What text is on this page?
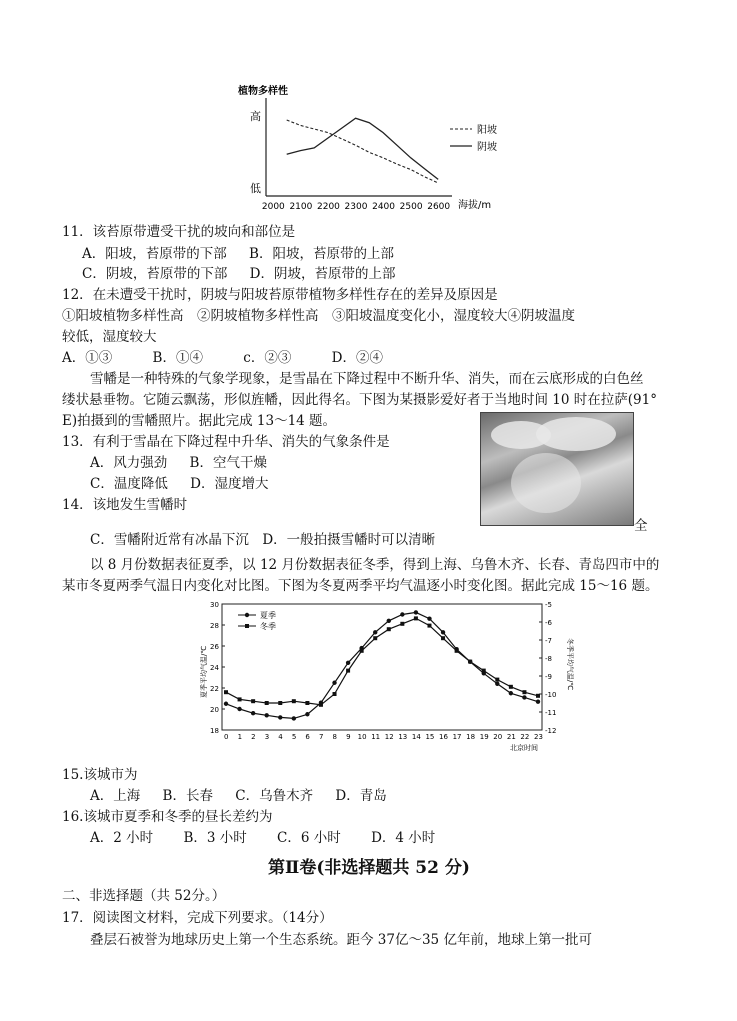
植物多样性
高
低
2000 2100 2200 2300 2400 2500 2600 海拔/m
阳坡
阴坡
11．该苔原带遭受干扰的坡向和部位是
A．阳坡，苔原带的下部 B．阳坡，苔原带的上部
C．阴坡，苔原带的下部 D．阴坡，苔原带的上部
12．在未遭受干扰时，阴坡与阳坡苔原带植物多样性存在的差异及原因是
①阳坡植物多样性高　②阴坡植物多样性高　③阳坡温度变化小，湿度较大④阴坡温度
较低，湿度较大
A．①③	B．①④	c．②③	D．②④
雪幡是一种特殊的气象学现象，是雪晶在下降过程中不断升华、消失，而在云底形成的白色丝
缕状悬垂物。它随云飘荡，形似旌幡，因此得名。下图为某摄影爱好者于当地时间 10 时在拉萨(91°
E)拍摄到的雪幡照片。据此完成 13～14 题。
13．有利于雪晶在下降过程中升华、消失的气象条件是
A．风力强劲 B．空气干燥
C．温度降低 D．湿度增大
14．该地发生雪幡时
C．雪幡附近常有冰晶下沉　D．一般拍摄雪幡时可以清晰
全
以 8 月份数据表征夏季，以 12 月份数据表征冬季，得到上海、乌鲁木齐、长春、青岛四市中的
某市冬夏两季气温日内变化对比图。下图为冬夏两季平均气温逐小时变化图。据此完成 15～16 题。
30
28
26
24
22
20
18
-5
-6
-7
-8
-9
-10
-11
-12
0 1 2 3 4 5 6 7 8 9 10 11 12 13 14 15 16 17 18 19 20 21 22 23
夏季平均气温/℃	冬季平均气温/℃
北京时间
夏季
冬季
15.该城市为
A．上海 B．长春 C．乌鲁木齐 D．青岛
16.该城市夏季和冬季的昼长差约为
A．2 小时 B．3 小时 C．6 小时 D．4 小时
第Ⅱ卷(非选择题共 52 分)
二、非选择题（共 52分。）
17．阅读图文材料，完成下列要求。（14分）
叠层石被誉为地球历史上第一个生态系统。距今 37亿～35 亿年前，地球上第一批可
